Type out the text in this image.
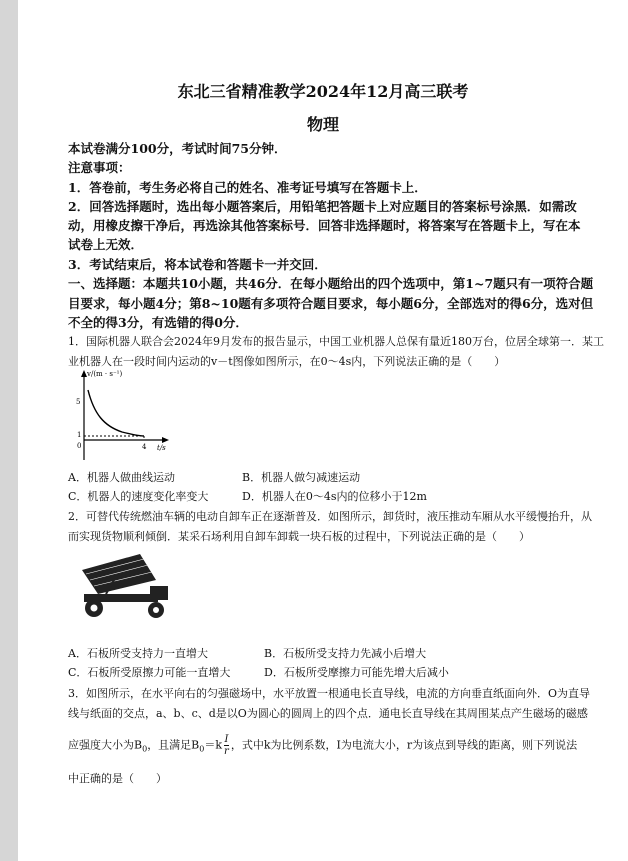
东北三省精准教学2024年12月高三联考
物理
本试卷满分100分，考试时间75分钟．
注意事项：
1．答卷前，考生务必将自己的姓名、准考证号填写在答题卡上．
2．回答选择题时，选出每小题答案后，用铅笔把答题卡上对应题目的答案标号涂黑．如需改
动，用橡皮擦干净后，再选涂其他答案标号．回答非选择题时，将答案写在答题卡上，写在本
试卷上无效．
3．考试结束后，将本试卷和答题卡一并交回．
一、选择题：本题共10小题，共46分．在每小题给出的四个选项中，第1~7题只有一项符合题
目要求，每小题4分；第8~10题有多项符合题目要求，每小题6分，全部选对的得6分，选对但
不全的得3分，有选错的得0分．
1．国际机器人联合会2024年9月发布的报告显示，中国工业机器人总保有量近180万台，位居全球第一．某工
业机器人在一段时间内运动的v－t图像如图所示，在0～4s内，下列说法正确的是（　　）
v/(m · s⁻¹)
t/s
0
5
1
4
A．机器人做曲线运动	B．机器人做匀减速运动
C．机器人的速度变化率变大	D．机器人在0～4s内的位移小于12m
2．可替代传统燃油车辆的电动自卸车正在逐渐普及．如图所示，卸货时，液压推动车厢从水平缓慢抬升，从
而实现货物顺利倾倒．某采石场利用自卸车卸载一块石板的过程中，下列说法正确的是（　　）
A．石板所受支持力一直增大	B．石板所受支持力先减小后增大
C．石板所受原擦力可能一直增大	D．石板所受摩擦力可能先增大后减小
3．如图所示，在水平向右的匀强磁场中，水平放置一根通电长直导线，电流的方向垂直纸面向外．O为直导
线与纸面的交点，a、b、c、d是以O为圆心的圆周上的四个点．通电长直导线在其周围某点产生磁场的磁感
应强度大小为$B_0$，且满足$B_0=k \frac{I}{r}$ ，式中k为比例系数，I为电流大小，r为该点到导线的距离，则下列说法
中正确的是（　　）
